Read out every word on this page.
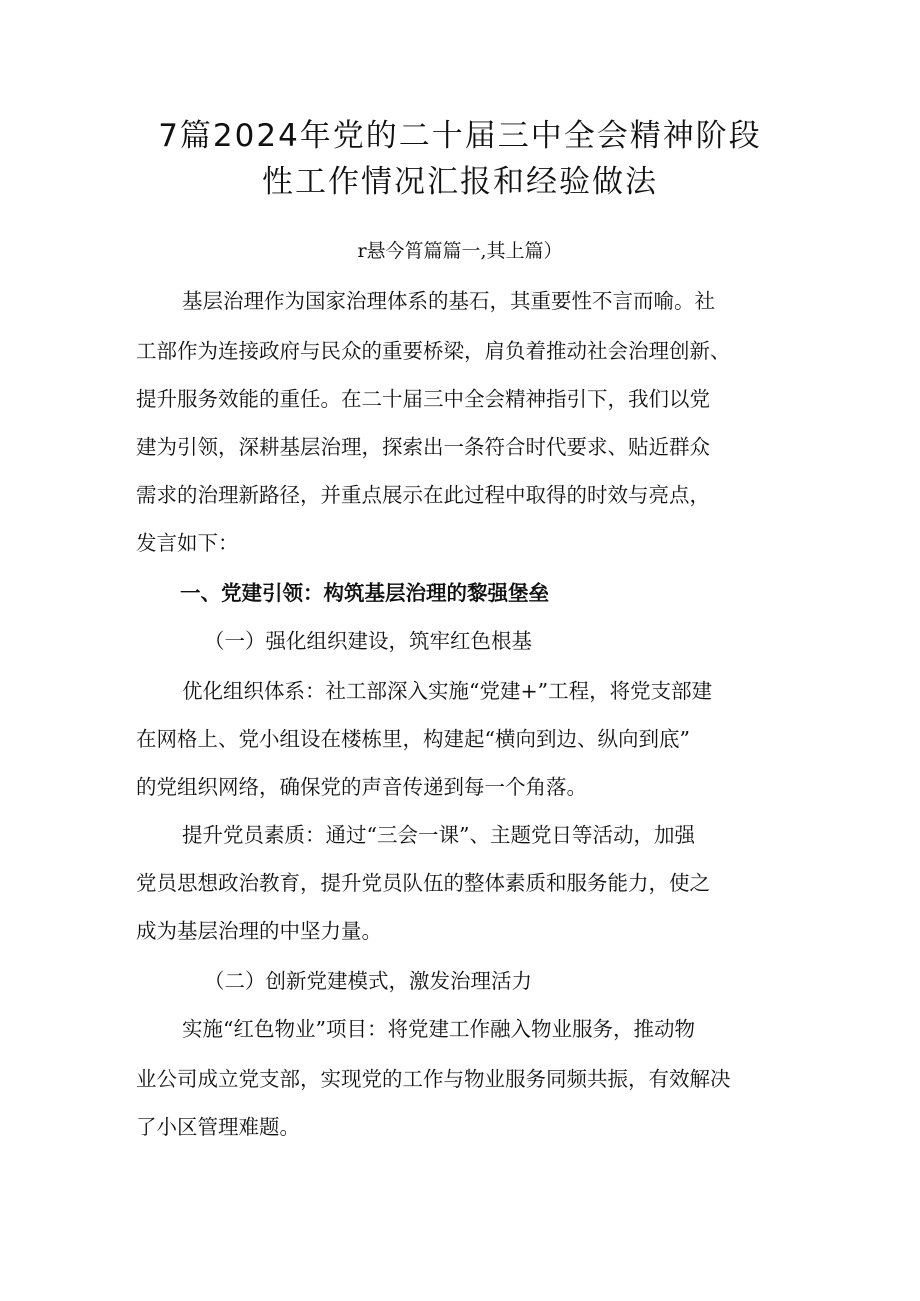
7篇2024年党的二十届三中全会精神阶段
性工作情况汇报和经验做法
r悬今筲篇篇一,其上篇）
基层治理作为国家治理体系的基石，其重要性不言而喻。社
工部作为连接政府与民众的重要桥梁，肩负着推动社会治理创新、
提升服务效能的重任。在二十届三中全会精神指引下，我们以党
建为引领，深耕基层治理，探索出一条符合时代要求、贴近群众
需求的治理新路径，并重点展示在此过程中取得的时效与亮点，
发言如下：
一、党建引领：构筑基层治理的黎强堡垒
（一）强化组织建设，筑牢红色根基
优化组织体系：社工部深入实施“党建+”工程，将党支部建
在网格上、党小组设在楼栋里，构建起“横向到边、纵向到底”
的党组织网络，确保党的声音传递到每一个角落。
提升党员素质：通过“三会一课”、主题党日等活动，加强
党员思想政治教育，提升党员队伍的整体素质和服务能力，使之
成为基层治理的中坚力量。
（二）创新党建模式，激发治理活力
实施“红色物业”项目：将党建工作融入物业服务，推动物
业公司成立党支部，实现党的工作与物业服务同频共振，有效解决
了小区管理难题。
